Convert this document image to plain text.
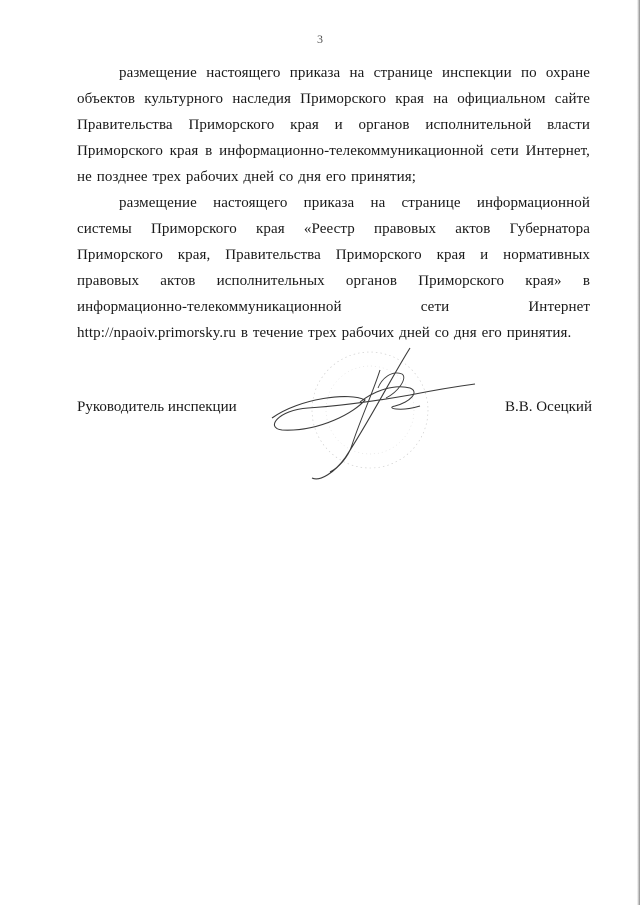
3

размещение настоящего приказа на странице инспекции по охране объектов культурного наследия Приморского края на официальном сайте Правительства Приморского края и органов исполнительной власти Приморского края в информационно-телекоммуникационной сети Интернет, не позднее трех рабочих дней со дня его принятия;

размещение настоящего приказа на странице информационной системы Приморского края «Реестр правовых актов Губернатора Приморского края, Правительства Приморского края и нормативных правовых актов исполнительных органов Приморского края» в информационно-телекоммуникационной сети Интернет http://npaoiv.primorsky.ru в течение трех рабочих дней со дня его принятия.

Руководитель инспекции	В.В. Осецкий
